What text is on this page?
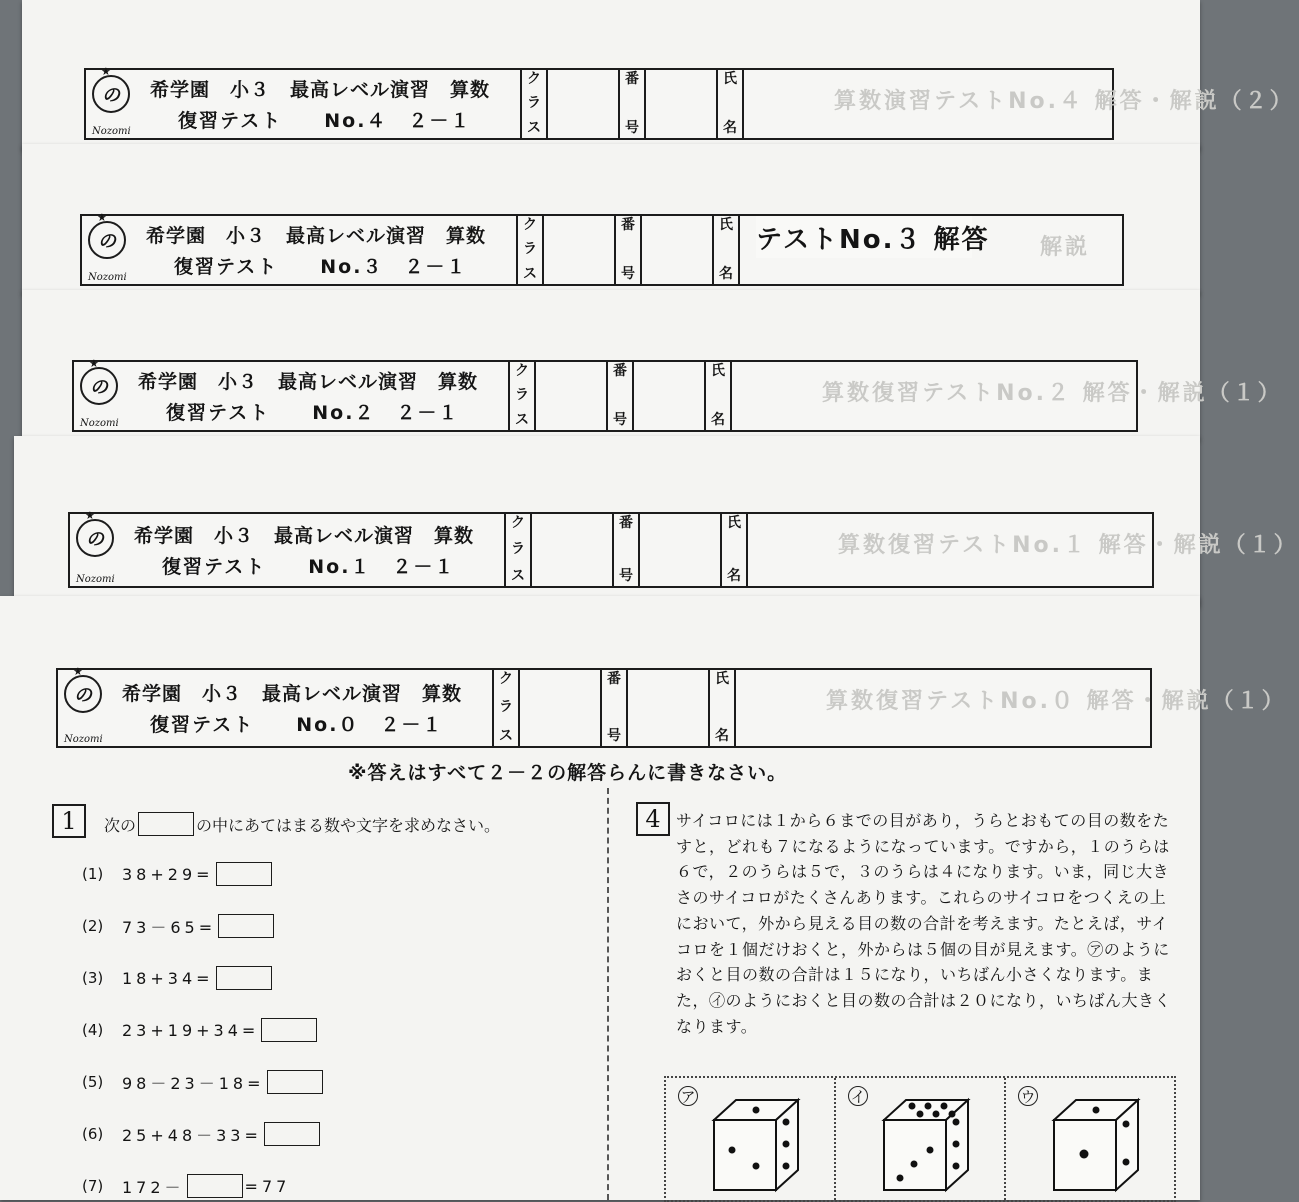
★
の
Nozomi
希学園　小３　最高レベル演習　算数
復習テスト　　No.４　２－１
ク
ラ
ス
番
号
氏
名
算数演習テストNo.４ 解答・解説（２）
★
の
Nozomi
希学園　小３　最高レベル演習　算数
復習テスト　　No.３　２－１
ク
ラ
ス
番
号
氏
名
解説
テストNo.３ 解答
★
の
Nozomi
希学園　小３　最高レベル演習　算数
復習テスト　　No.２　２－１
ク
ラ
ス
番
号
氏
名
算数復習テストNo.２ 解答・解説（１）
★
の
Nozomi
希学園　小３　最高レベル演習　算数
復習テスト　　No.１　２－１
ク
ラ
ス
番
号
氏
名
算数復習テストNo.１ 解答・解説（１）
★
の
Nozomi
希学園　小３　最高レベル演習　算数
復習テスト　　No.０　２－１
ク
ラ
ス
番
号
氏
名
算数復習テストNo.０ 解答・解説（１）
※答えはすべて２－２の解答らんに書きなさい。
1	次の	の中にあてはまる数や文字を求めなさい。
(1)	38+29=
(2)	73－65=
(3)	18+34=
(4)	23+19+34=
(5)	98－23－18=
(6)	25+48－33=
(7)	172－	=77
4 サイコロには１から６までの目があり，うらとおもての目の数をたすと，どれも７になるようになっています。ですから，１のうらは６で，２のうらは５で，３のうらは４になります。いま，同じ大きさのサイコロがたくさんあります。これらのサイコロをつくえの上において，外から見える目の数の合計を考えます。たとえば，サイコロを１個だけおくと，外からは５個の目が見えます。㋐のようにおくと目の数の合計は１５になり，いちばん小さくなります。また，㋑のようにおくと目の数の合計は２０になり，いちばん大きくなります。
ア	イ	ウ
